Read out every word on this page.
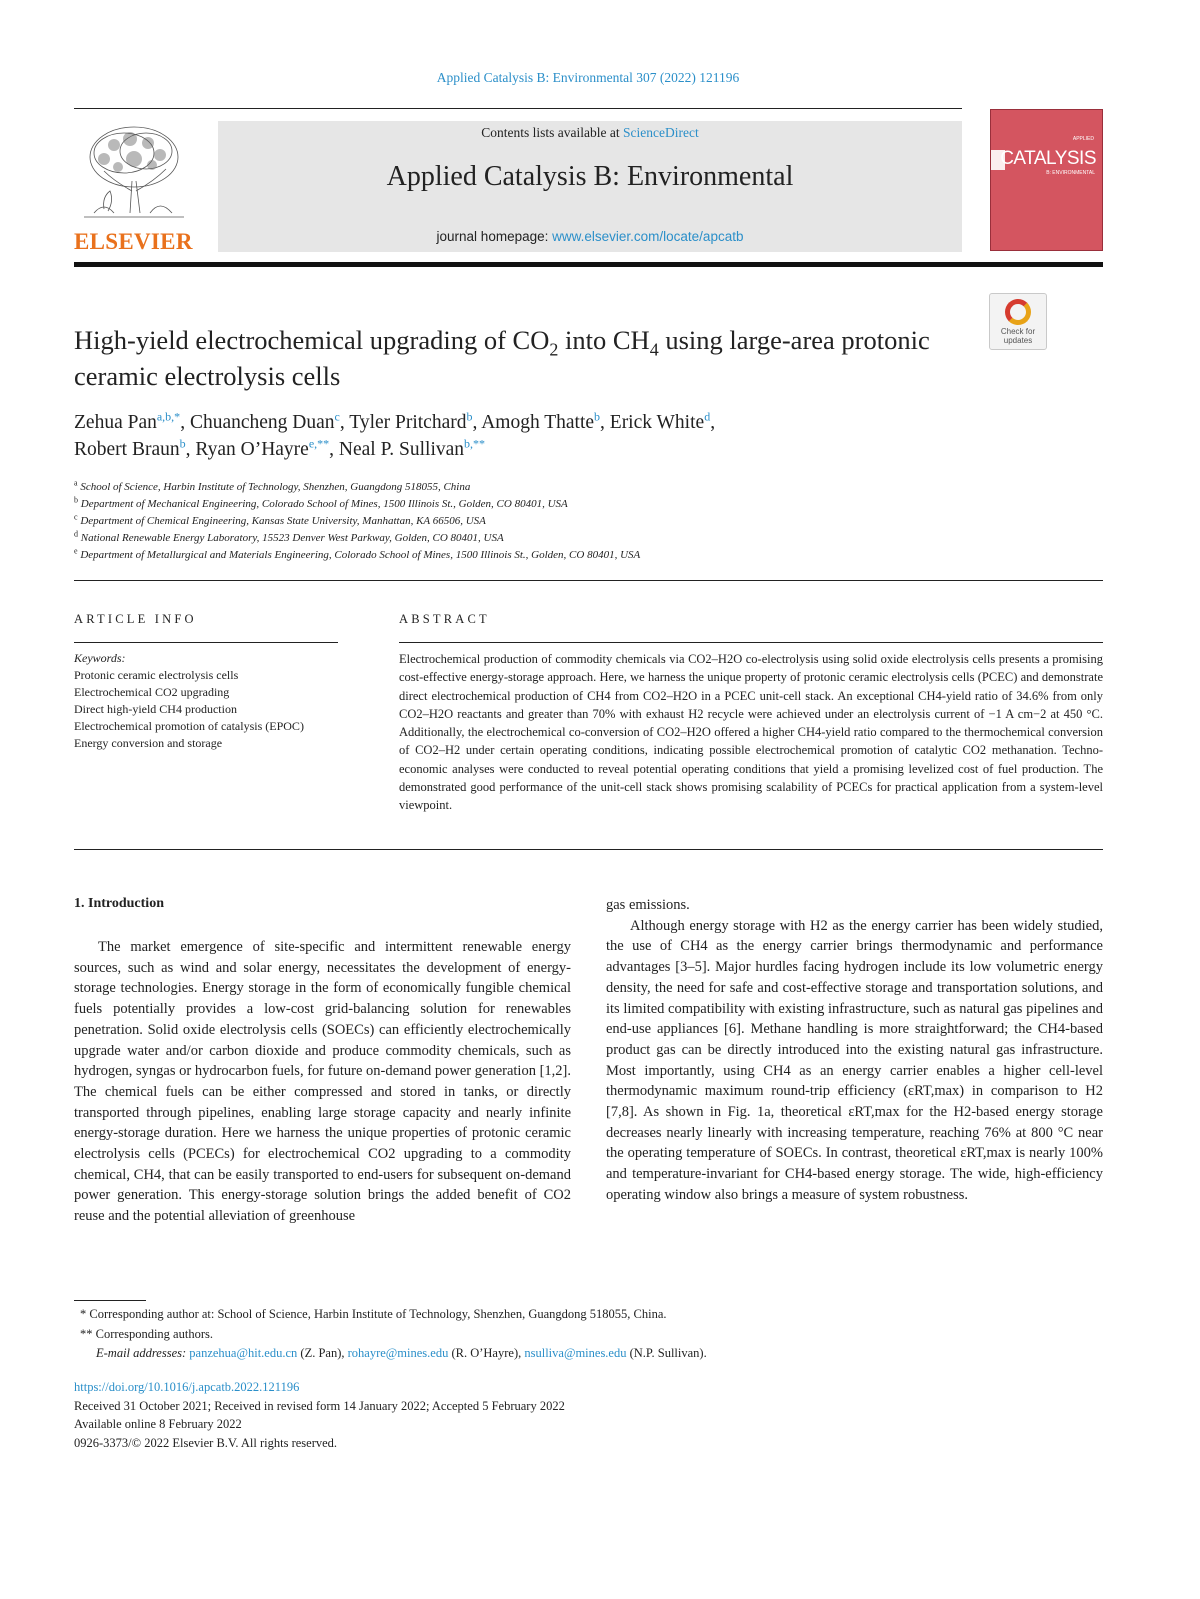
Applied Catalysis B: Environmental 307 (2022) 121196
ELSEVIER
Contents lists available at ScienceDirect
Applied Catalysis B: Environmental
journal homepage: www.elsevier.com/locate/apcatb
APPLIED
CATALYSIS
B: ENVIRONMENTAL
Check for updates
High-yield electrochemical upgrading of $CO_2$ into $CH_4$ using large-area protonic ceramic electrolysis cells
Zehua Pan$^{a,b,*}$, Chuancheng Duan$^c$, Tyler Pritchard$^b$, Amogh Thatte$^b$, Erick White$^d$,
Robert Braun$^b$, Ryan O’Hayre$^{e,**}$, Neal P. Sullivan$^{b,**}$
$^a$ School of Science, Harbin Institute of Technology, Shenzhen, Guangdong 518055, China
$^b$ Department of Mechanical Engineering, Colorado School of Mines, 1500 Illinois St., Golden, CO 80401, USA
$^c$ Department of Chemical Engineering, Kansas State University, Manhattan, KA 66506, USA
$^d$ National Renewable Energy Laboratory, 15523 Denver West Parkway, Golden, CO 80401, USA
$^e$ Department of Metallurgical and Materials Engineering, Colorado School of Mines, 1500 Illinois St., Golden, CO 80401, USA
ARTICLE INFO	ABSTRACT
Keywords:
Protonic ceramic electrolysis cells
Electrochemical CO2 upgrading
Direct high-yield CH4 production
Electrochemical promotion of catalysis (EPOC)
Energy conversion and storage
Electrochemical production of commodity chemicals via CO2–H2O co-electrolysis using solid oxide electrolysis cells presents a promising cost-effective energy-storage approach. Here, we harness the unique property of protonic ceramic electrolysis cells (PCEC) and demonstrate direct electrochemical production of CH4 from CO2–H2O in a PCEC unit-cell stack. An exceptional CH4-yield ratio of 34.6% from only CO2–H2O reactants and greater than 70% with exhaust H2 recycle were achieved under an electrolysis current of −1 A cm−2 at 450 °C. Additionally, the electrochemical co-conversion of CO2–H2O offered a higher CH4-yield ratio compared to the thermochemical conversion of CO2–H2 under certain operating conditions, indicating possible electrochemical promotion of catalytic CO2 methanation. Techno-economic analyses were conducted to reveal potential operating conditions that yield a promising levelized cost of fuel production. The demonstrated good performance of the unit-cell stack shows promising scalability of PCECs for practical application from a system-level viewpoint.
1. Introduction

The market emergence of site-specific and intermittent renewable energy sources, such as wind and solar energy, necessitates the development of energy-storage technologies. Energy storage in the form of economically fungible chemical fuels potentially provides a low-cost grid-balancing solution for renewables penetration. Solid oxide electrolysis cells (SOECs) can efficiently electrochemically upgrade water and/or carbon dioxide and produce commodity chemicals, such as hydrogen, syngas or hydrocarbon fuels, for future on-demand power generation [1,2]. The chemical fuels can be either compressed and stored in tanks, or directly transported through pipelines, enabling large storage capacity and nearly infinite energy-storage duration. Here we harness the unique properties of protonic ceramic electrolysis cells (PCECs) for electrochemical CO2 upgrading to a commodity chemical, CH4, that can be easily transported to end-users for subsequent on-demand power generation. This energy-storage solution brings the added benefit of CO2 reuse and the potential alleviation of greenhouse

gas emissions.

Although energy storage with H2 as the energy carrier has been widely studied, the use of CH4 as the energy carrier brings thermodynamic and performance advantages [3–5]. Major hurdles facing hydrogen include its low volumetric energy density, the need for safe and cost-effective storage and transportation solutions, and its limited compatibility with existing infrastructure, such as natural gas pipelines and end-use appliances [6]. Methane handling is more straightforward; the CH4-based product gas can be directly introduced into the existing natural gas infrastructure. Most importantly, using CH4 as an energy carrier enables a higher cell-level thermodynamic maximum round-trip efficiency (εRT,max) in comparison to H2 [7,8]. As shown in Fig. 1a, theoretical εRT,max for the H2-based energy storage decreases nearly linearly with increasing temperature, reaching 76% at 800 °C near the operating temperature of SOECs. In contrast, theoretical εRT,max is nearly 100% and temperature-invariant for CH4-based energy storage. The wide, high-efficiency operating window also brings a measure of system robustness.

* Corresponding author at: School of Science, Harbin Institute of Technology, Shenzhen, Guangdong 518055, China.
** Corresponding authors.
E-mail addresses: panzehua@hit.edu.cn (Z. Pan), rohayre@mines.edu (R. O’Hayre), nsulliva@mines.edu (N.P. Sullivan).
https://doi.org/10.1016/j.apcatb.2022.121196
Received 31 October 2021; Received in revised form 14 January 2022; Accepted 5 February 2022
Available online 8 February 2022
0926-3373/© 2022 Elsevier B.V. All rights reserved.
